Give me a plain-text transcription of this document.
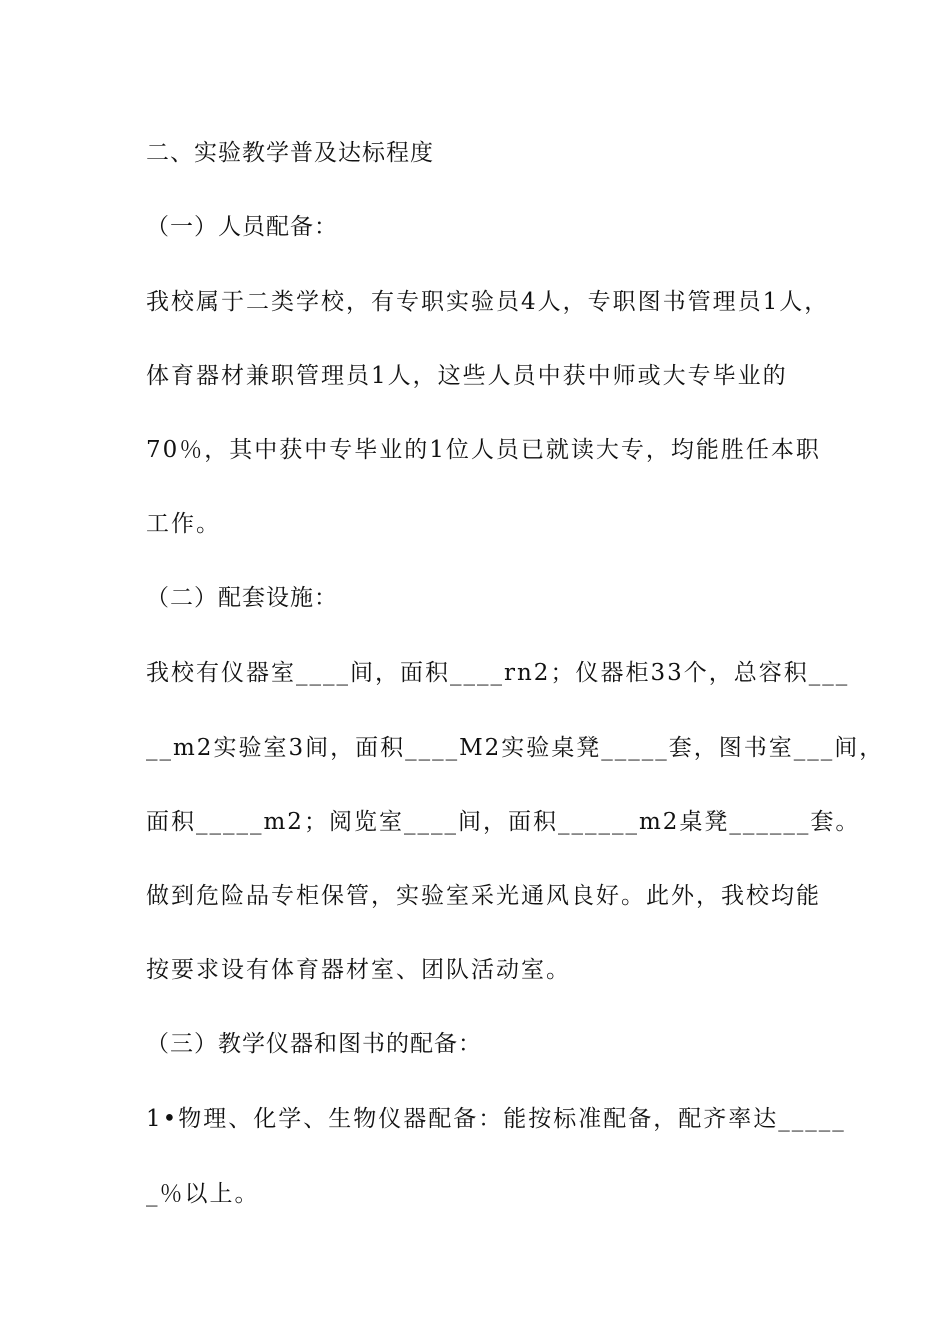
二、实验教学普及达标程度
（一）人员配备：
我校属于二类学校，有专职实验员4人，专职图书管理员1人，
体育器材兼职管理员1人，这些人员中获中师或大专毕业的
70％，其中获中专毕业的1位人员已就读大专，均能胜任本职
工作。
（二）配套设施：
我校有仪器室____间，面积____rn2；仪器柜33个，总容积___
__m2实验室3间，面积____M2实验桌凳_____套，图书室___间，
面积_____m2；阅览室____间，面积______m2桌凳______套。
做到危险品专柜保管，实验室采光通风良好。此外，我校均能
按要求设有体育器材室、团队活动室。
（三）教学仪器和图书的配备：
1•物理、化学、生物仪器配备：能按标准配备，配齐率达_____
_％以上。
